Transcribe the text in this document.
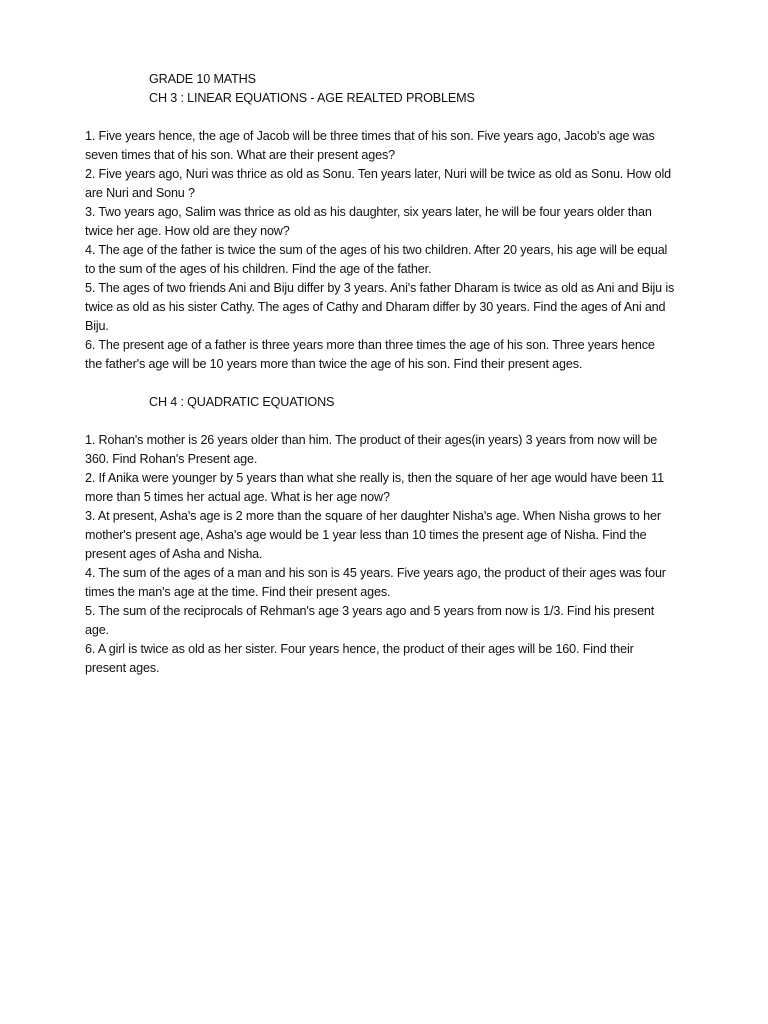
GRADE 10 MATHS
CH 3 : LINEAR EQUATIONS - AGE REALTED PROBLEMS

1. Five years hence, the age of Jacob will be three times that of his son. Five years ago, Jacob's age was seven times that of his son. What are their present ages?

2. Five years ago, Nuri was thrice as old as Sonu. Ten years later, Nuri will be twice as old as Sonu. How old are Nuri and Sonu ?

3. Two years ago, Salim was thrice as old as his daughter, six years later, he will be four years older than twice her age. How old are they now?

4. The age of the father is twice the sum of the ages of his two children. After 20 years, his age will be equal to the sum of the ages of his children. Find the age of the father.

5. The ages of two friends Ani and Biju differ by 3 years. Ani's father Dharam is twice as old as Ani and Biju is twice as old as his sister Cathy. The ages of Cathy and Dharam differ by 30 years. Find the ages of Ani and Biju.

6. The present age of a father is three years more than three times the age of his son. Three years hence the father's age will be 10 years more than twice the age of his son. Find their present ages.

CH 4 : QUADRATIC EQUATIONS

1. Rohan's mother is 26 years older than him. The product of their ages(in years) 3 years from now will be 360. Find Rohan's Present age.

2. If Anika were younger by 5 years than what she really is, then the square of her age would have been 11 more than 5 times her actual age. What is her age now?

3. At present, Asha's age is 2 more than the square of her daughter Nisha's age. When Nisha grows to her mother's present age, Asha's age would be 1 year less than 10 times the present age of Nisha. Find the present ages of Asha and Nisha.

4. The sum of the ages of a man and his son is 45 years. Five years ago, the product of their ages was four times the man's age at the time. Find their present ages.

5. The sum of the reciprocals of Rehman's age 3 years ago and 5 years from now is 1/3. Find his present age.

6. A girl is twice as old as her sister. Four years hence, the product of their ages will be 160. Find their present ages.
